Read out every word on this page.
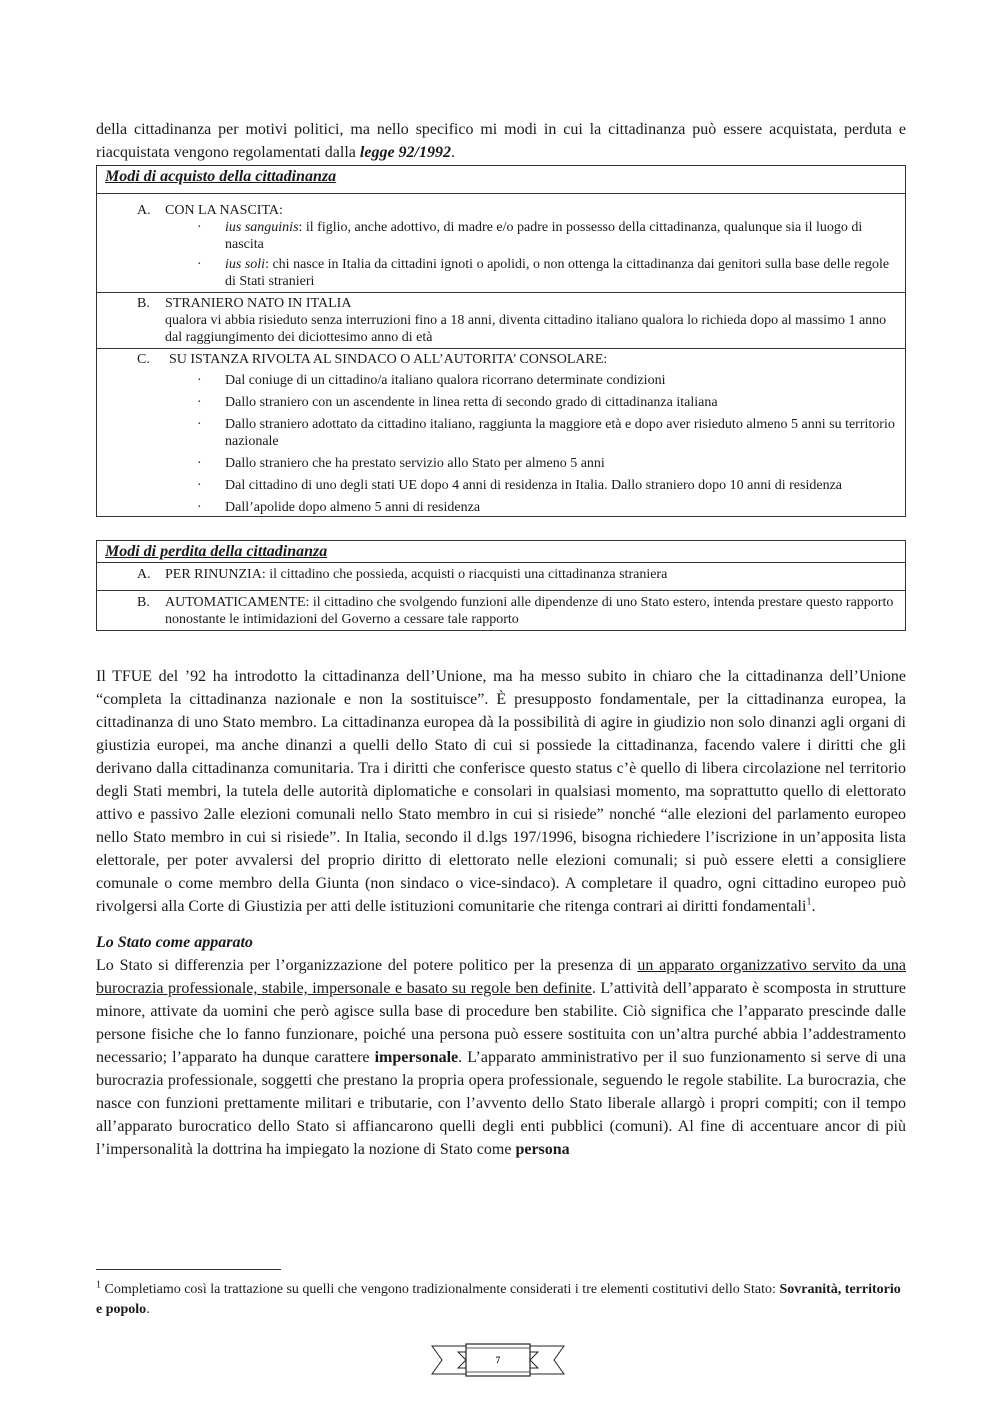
della cittadinanza per motivi politici, ma nello specifico mi modi in cui la cittadinanza può essere acquistata, perduta e riacquistata vengono regolamentati dalla legge 92/1992.

Modi di acquisto della cittadinanza

A.	CON LA NASCITA:
· ius sanguinis: il figlio, anche adottivo, di madre e/o padre in possesso della cittadinanza, qualunque sia il luogo di nascita
· ius soli: chi nasce in Italia da cittadini ignoti o apolidi, o non ottenga la cittadinanza dai genitori sulla base delle regole di Stati stranieri

B.	STRANIERO NATO IN ITALIA
qualora vi abbia risieduto senza interruzioni fino a 18 anni, diventa cittadino italiano qualora lo richieda dopo al massimo 1 anno dal raggiungimento dei diciottesimo anno di età

C.	SU ISTANZA RIVOLTA AL SINDACO O ALL’AUTORITA’ CONSOLARE:
· Dal coniuge di un cittadino/a italiano qualora ricorrano determinate condizioni
· Dallo straniero con un ascendente in linea retta di secondo grado di cittadinanza italiana
· Dallo straniero adottato da cittadino italiano, raggiunta la maggiore età e dopo aver risieduto almeno 5 anni su territorio nazionale
· Dallo straniero che ha prestato servizio allo Stato per almeno 5 anni
· Dal cittadino di uno degli stati UE dopo 4 anni di residenza in Italia. Dallo straniero dopo 10 anni di residenza
· Dall’apolide dopo almeno 5 anni di residenza
Modi di perdita della cittadinanza

A.	PER RINUNZIA: il cittadino che possieda, acquisti o riacquisti una cittadinanza straniera

B.	AUTOMATICAMENTE: il cittadino che svolgendo funzioni alle dipendenze di uno Stato estero, intenda prestare questo rapporto nonostante le intimidazioni del Governo a cessare tale rapporto

Il TFUE del ’92 ha introdotto la cittadinanza dell’Unione, ma ha messo subito in chiaro che la cittadinanza dell’Unione “completa la cittadinanza nazionale e non la sostituisce”. È presupposto fondamentale, per la cittadinanza europea, la cittadinanza di uno Stato membro. La cittadinanza europea dà la possibilità di agire in giudizio non solo dinanzi agli organi di giustizia europei, ma anche dinanzi a quelli dello Stato di cui si possiede la cittadinanza, facendo valere i diritti che gli derivano dalla cittadinanza comunitaria. Tra i diritti che conferisce questo status c’è quello di libera circolazione nel territorio degli Stati membri, la tutela delle autorità diplomatiche e consolari in qualsiasi momento, ma soprattutto quello di elettorato attivo e passivo 2alle elezioni comunali nello Stato membro in cui si risiede” nonché “alle elezioni del parlamento europeo nello Stato membro in cui si risiede”. In Italia, secondo il d.lgs 197/1996, bisogna richiedere l’iscrizione in un’apposita lista elettorale, per poter avvalersi del proprio diritto di elettorato nelle elezioni comunali; si può essere eletti a consigliere comunale o come membro della Giunta (non sindaco o vice-sindaco). A completare il quadro, ogni cittadino europeo può rivolgersi alla Corte di Giustizia per atti delle istituzioni comunitarie che ritenga contrari ai diritti fondamentali$^1$.

Lo Stato come apparato

Lo Stato si differenzia per l’organizzazione del potere politico per la presenza di un apparato organizzativo servito da una burocrazia professionale, stabile, impersonale e basato su regole ben definite. L’attività dell’apparato è scomposta in strutture minore, attivate da uomini che però agisce sulla base di procedure ben stabilite. Ciò significa che l’apparato prescinde dalle persone fisiche che lo fanno funzionare, poiché una persona può essere sostituita con un’altra purché abbia l’addestramento necessario; l’apparato ha dunque carattere impersonale. L’apparato amministrativo per il suo funzionamento si serve di una burocrazia professionale, soggetti che prestano la propria opera professionale, seguendo le regole stabilite. La burocrazia, che nasce con funzioni prettamente militari e tributarie, con l’avvento dello Stato liberale allargò i propri compiti; con il tempo all’apparato burocratico dello Stato si affiancarono quelli degli enti pubblici (comuni). Al fine di accentuare ancor di più l’impersonalità la dottrina ha impiegato la nozione di Stato come persona

$^1$ Completiamo così la trattazione su quelli che vengono tradizionalmente considerati i tre elementi costitutivi dello Stato: Sovranità, territorio e popolo.
7
